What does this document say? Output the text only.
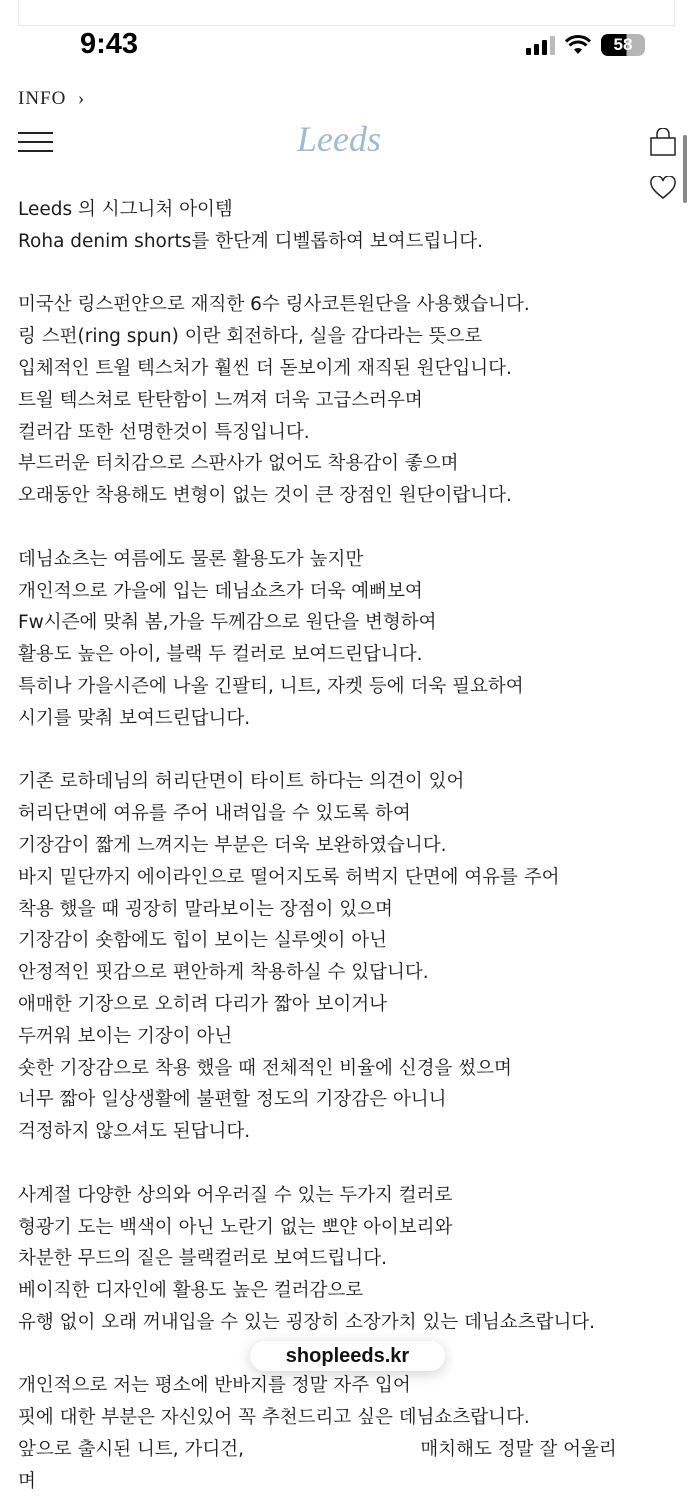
9:43	58
INFO ›
Leeds
Leeds 의 시그니처 아이템
Roha denim shorts를 한단계 디벨롭하여 보여드립니다.
미국산 링스펀얀으로 재직한 6수 링사코튼원단을 사용했습니다.
링 스펀(ring spun) 이란 회전하다, 실을 감다라는 뜻으로
입체적인 트윌 텍스처가 훨씬 더 돋보이게 재직된 원단입니다.
트윌 텍스쳐로 탄탄함이 느껴져 더욱 고급스러우며
컬러감 또한 선명한것이 특징입니다.
부드러운 터치감으로 스판사가 없어도 착용감이 좋으며
오래동안 착용해도 변형이 없는 것이 큰 장점인 원단이랍니다.
데님쇼츠는 여름에도 물론 활용도가 높지만
개인적으로 가을에 입는 데님쇼츠가 더욱 예뻐보여
Fw시즌에 맞춰 봄,가을 두께감으로 원단을 변형하여
활용도 높은 아이, 블랙 두 컬러로 보여드린답니다.
특히나 가을시즌에 나올 긴팔티, 니트, 자켓 등에 더욱 필요하여
시기를 맞춰 보여드린답니다.
기존 로하데님의 허리단면이 타이트 하다는 의견이 있어
허리단면에 여유를 주어 내려입을 수 있도록 하여
기장감이 짧게 느껴지는 부분은 더욱 보완하였습니다.
바지 밑단까지 에이라인으로 떨어지도록 허벅지 단면에 여유를 주어
착용 했을 때 굉장히 말라보이는 장점이 있으며
기장감이 숏함에도 힙이 보이는 실루엣이 아닌
안정적인 핏감으로 편안하게 착용하실 수 있답니다.
애매한 기장으로 오히려 다리가 짧아 보이거나
두꺼워 보이는 기장이 아닌
숏한 기장감으로 착용 했을 때 전체적인 비율에 신경을 썼으며
너무 짧아 일상생활에 불편할 정도의 기장감은 아니니
걱정하지 않으셔도 된답니다.
사계절 다양한 상의와 어우러질 수 있는 두가지 컬러로
형광기 도는 백색이 아닌 노란기 없는 뽀얀 아이보리와
차분한 무드의 짙은 블랙컬러로 보여드립니다.
베이직한 디자인에 활용도 높은 컬러감으로
유행 없이 오래 꺼내입을 수 있는 굉장히 소장가치 있는 데님쇼츠랍니다.
개인적으로 저는 평소에 반바지를 정말 자주 입어
핏에 대한 부분은 자신있어 꼭 추천드리고 싶은 데님쇼츠랍니다.
앞으로 출시된 니트, 가디건,                              매치해도 정말 잘 어울리
며
shopleeds.kr
